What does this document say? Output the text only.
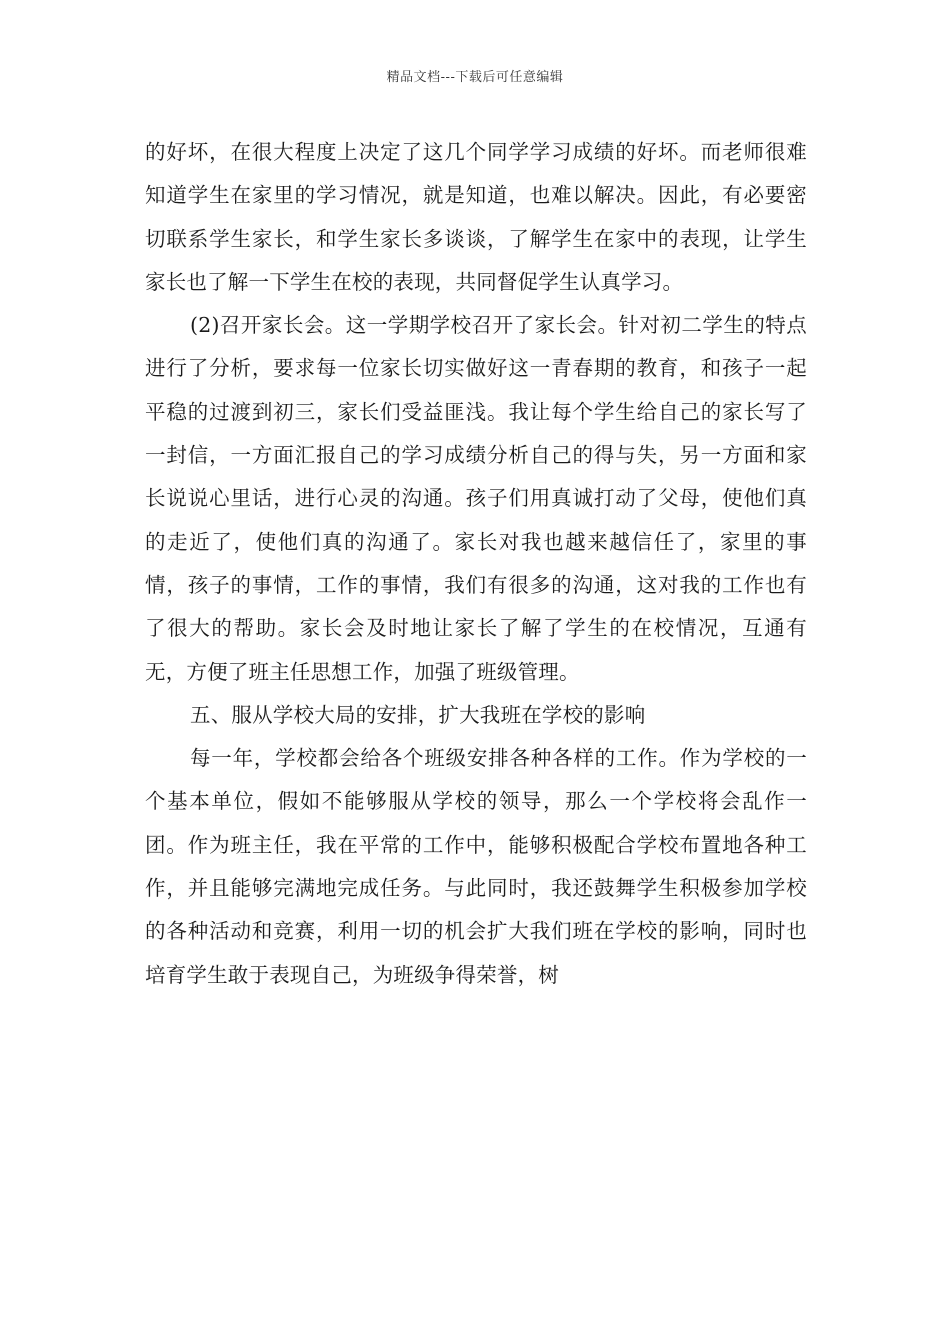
精品文档---下载后可任意编辑

的好坏，在很大程度上决定了这几个同学学习成绩的好坏。而老师很难知道学生在家里的学习情况，就是知道，也难以解决。因此，有必要密切联系学生家长，和学生家长多谈谈，了解学生在家中的表现，让学生家长也了解一下学生在校的表现，共同督促学生认真学习。

(2)召开家长会。这一学期学校召开了家长会。针对初二学生的特点进行了分析，要求每一位家长切实做好这一青春期的教育，和孩子一起平稳的过渡到初三，家长们受益匪浅。我让每个学生给自己的家长写了一封信，一方面汇报自己的学习成绩分析自己的得与失，另一方面和家长说说心里话，进行心灵的沟通。孩子们用真诚打动了父母，使他们真的走近了，使他们真的沟通了。家长对我也越来越信任了，家里的事情，孩子的事情，工作的事情，我们有很多的沟通，这对我的工作也有了很大的帮助。家长会及时地让家长了解了学生的在校情况，互通有无，方便了班主任思想工作，加强了班级管理。

五、服从学校大局的安排，扩大我班在学校的影响

每一年，学校都会给各个班级安排各种各样的工作。作为学校的一个基本单位，假如不能够服从学校的领导，那么一个学校将会乱作一团。作为班主任，我在平常的工作中，能够积极配合学校布置地各种工作，并且能够完满地完成任务。与此同时，我还鼓舞学生积极参加学校的各种活动和竞赛，利用一切的机会扩大我们班在学校的影响，同时也培育学生敢于表现自己，为班级争得荣誉，树
